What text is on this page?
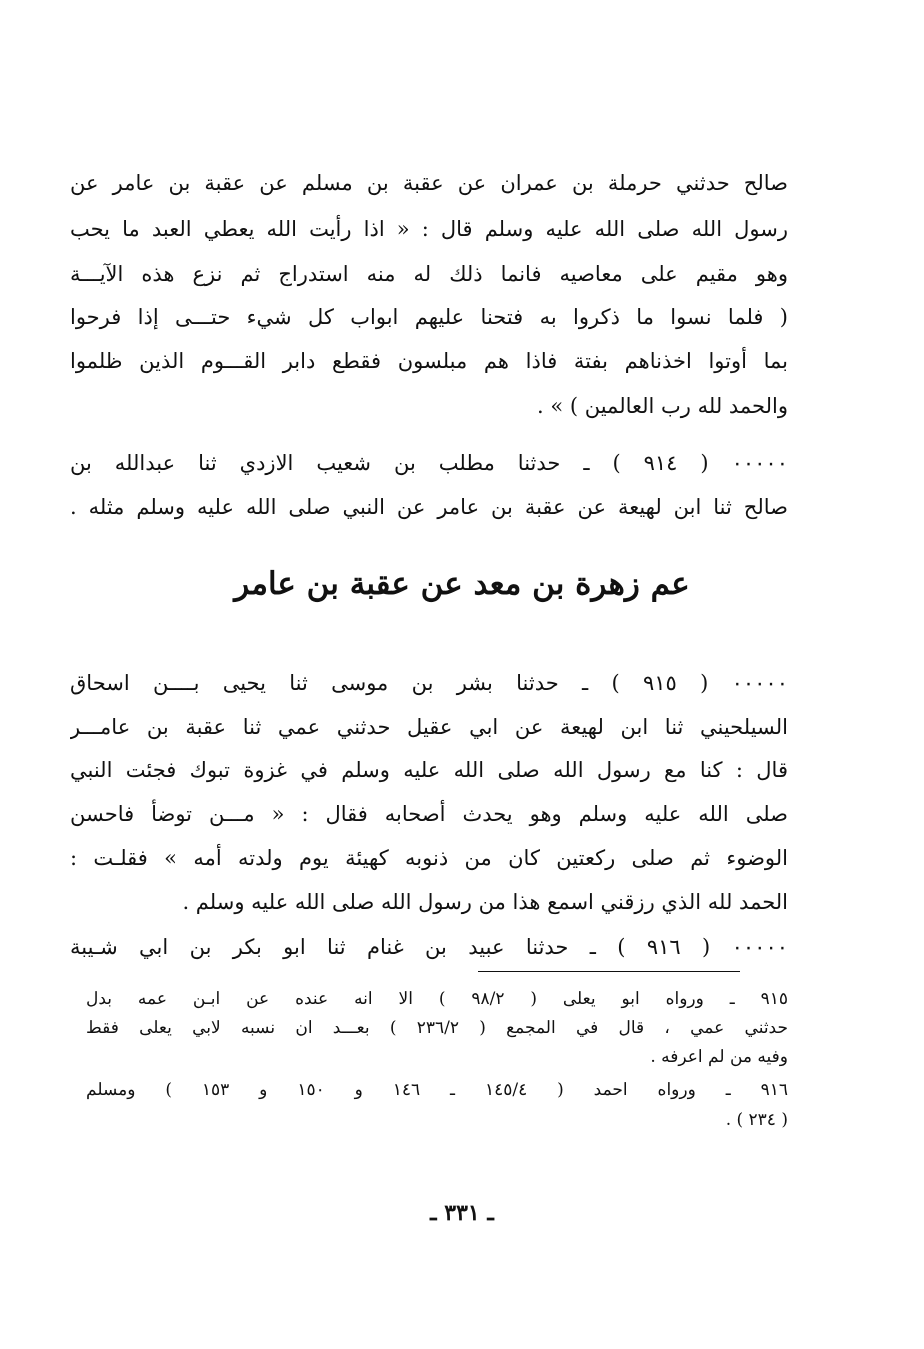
صالح حدثني حرملة بن عمران عن عقبة بن مسلم عن عقبة بن عامر عن
رسول الله صلى الله عليه وسلم قال : « اذا رأيت الله يعطي العبد ما يحب
وهو مقيم على معاصيه فانما ذلك له منه استدراج ثم نزع هذه الآيـــة
( فلما نسوا ما ذكروا به فتحنا عليهم ابواب كل شيء حتـــى إذا فرحوا
بما أوتوا اخذناهم بفتة فاذا هم مبلسون فقطع دابر القـــوم الذين ظلموا
والحمد لله رب العالمين ) » .
٠٠٠٠٠ ( ٩١٤ ) ـ حدثنا مطلب بن شعيب الازدي ثنا عبدالله بن
صالح ثنا ابن لهيعة عن عقبة بن عامر عن النبي صلى الله عليه وسلم مثله .
عم زهرة بن معد عن عقبة بن عامر
٠٠٠٠٠ ( ٩١٥ ) ـ حدثنا بشر بن موسى ثنا يحيى بــــن اسحاق
السيلحيني ثنا ابن لهيعة عن ابي عقيل حدثني عمي ثنا عقبة بن عامـــر
قال : كنا مع رسول الله صلى الله عليه وسلم في غزوة تبوك فجئت النبي
صلى الله عليه وسلم وهو يحدث أصحابه فقال : « مـــن توضأ فاحسن
الوضوء ثم صلى ركعتين كان من ذنوبه كهيئة يوم ولدته أمه » فقلـت :
الحمد لله الذي رزقني اسمع هذا من رسول الله صلى الله عليه وسلم .
٠٠٠٠٠ ( ٩١٦ ) ـ حدثنا عبيد بن غنام ثنا ابو بكر بن ابي شـيبة
٩١٥ ـ ورواه ابو يعلى ( ٩٨/٢ ) الا انه عنده عن ابـن عمه بدل
حدثني عمي ، قال في المجمع ( ٢٣٦/٢ ) بعـــد ان نسبه لابي يعلى فقط
وفيه من لم اعرفه .
٩١٦ ـ ورواه احمد ( ١٤٥/٤ ـ ١٤٦ و ١٥٠ و ١٥٣ ) ومسلم
( ٢٣٤ ) .
ـ ٣٣١ ـ
